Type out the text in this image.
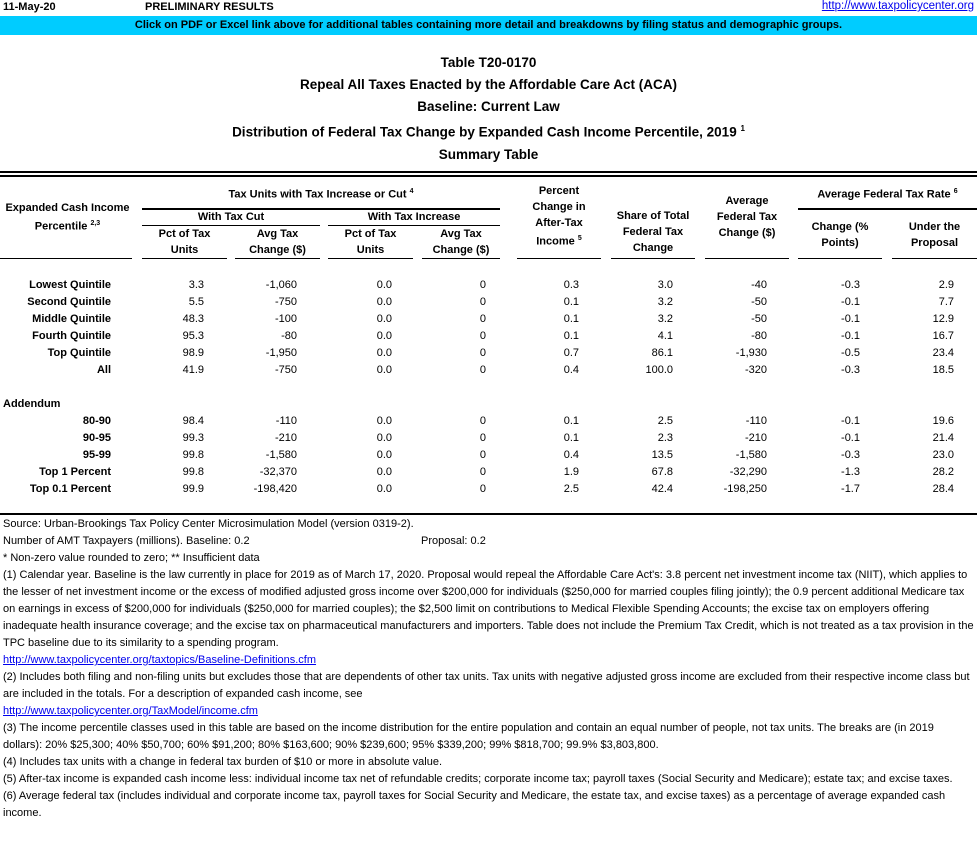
11-May-20	PRELIMINARY RESULTS	http://www.taxpolicycenter.org
Click on PDF or Excel link above for additional tables containing more detail and breakdowns by filing status and demographic groups.
Table T20-0170
Repeal All Taxes Enacted by the Affordable Care Act (ACA)
Baseline: Current Law
Distribution of Federal Tax Change by Expanded Cash Income Percentile, 2019 $^1$
Summary Table
Expanded Cash Income
Percentile $^{2,3}$
Tax Units with Tax Increase or Cut $^4$
With Tax Cut	With Tax Increase
Pct of Tax
Units
Avg Tax
Change ($)
Pct of Tax
Units
Avg Tax
Change ($)
Percent
Change in
After-Tax
Income $^5$
Share of Total
Federal Tax
Change
Average
Federal Tax
Change ($)
Average Federal Tax Rate $^6$
Change (%
Points)
Under the
Proposal
Lowest Quintile	3.3	-1,060	0.0	0	0.3	3.0	-40	-0.3	2.9
Second Quintile	5.5	-750	0.0	0	0.1	3.2	-50	-0.1	7.7
Middle Quintile	48.3	-100	0.0	0	0.1	3.2	-50	-0.1	12.9
Fourth Quintile	95.3	-80	0.0	0	0.1	4.1	-80	-0.1	16.7
Top Quintile	98.9	-1,950	0.0	0	0.7	86.1	-1,930	-0.5	23.4
All	41.9	-750	0.0	0	0.4	100.0	-320	-0.3	18.5
Addendum
80-90	98.4	-110	0.0	0	0.1	2.5	-110	-0.1	19.6
90-95	99.3	-210	0.0	0	0.1	2.3	-210	-0.1	21.4
95-99	99.8	-1,580	0.0	0	0.4	13.5	-1,580	-0.3	23.0
Top 1 Percent	99.8	-32,370	0.0	0	1.9	67.8	-32,290	-1.3	28.2
Top 0.1 Percent	99.9	-198,420	0.0	0	2.5	42.4	-198,250	-1.7	28.4
Source: Urban-Brookings Tax Policy Center Microsimulation Model (version 0319-2).
Number of AMT Taxpayers (millions). Baseline: 0.2	Proposal: 0.2
* Non-zero value rounded to zero; ** Insufficient data
(1) Calendar year. Baseline is the law currently in place for 2019 as of March 17, 2020. Proposal would repeal the Affordable Care Act's: 3.8 percent net investment income tax (NIIT), which applies to the lesser of net investment income or the excess of modified adjusted gross income over $200,000 for individuals ($250,000 for married couples filing jointly); the 0.9 percent additional Medicare tax on earnings in excess of $200,000 for individuals ($250,000 for married couples); the $2,500 limit on contributions to Medical Flexible Spending Accounts; the excise tax on employers offering inadequate health insurance coverage; and the excise tax on pharmaceutical manufacturers and importers. Table does not include the Premium Tax Credit, which is not treated as a tax provision in the TPC baseline due to its similarity to a spending program.
http://www.taxpolicycenter.org/taxtopics/Baseline-Definitions.cfm
(2) Includes both filing and non-filing units but excludes those that are dependents of other tax units. Tax units with negative adjusted gross income are excluded from their respective income class but are included in the totals. For a description of expanded cash income, see
http://www.taxpolicycenter.org/TaxModel/income.cfm
(3) The income percentile classes used in this table are based on the income distribution for the entire population and contain an equal number of people, not tax units. The breaks are (in 2019 dollars): 20% $25,300; 40% $50,700; 60% $91,200; 80% $163,600; 90% $239,600; 95% $339,200; 99% $818,700; 99.9% $3,803,800.
(4) Includes tax units with a change in federal tax burden of $10 or more in absolute value.
(5) After-tax income is expanded cash income less: individual income tax net of refundable credits; corporate income tax; payroll taxes (Social Security and Medicare); estate tax; and excise taxes.
(6) Average federal tax (includes individual and corporate income tax, payroll taxes for Social Security and Medicare, the estate tax, and excise taxes) as a percentage of average expanded cash income.
